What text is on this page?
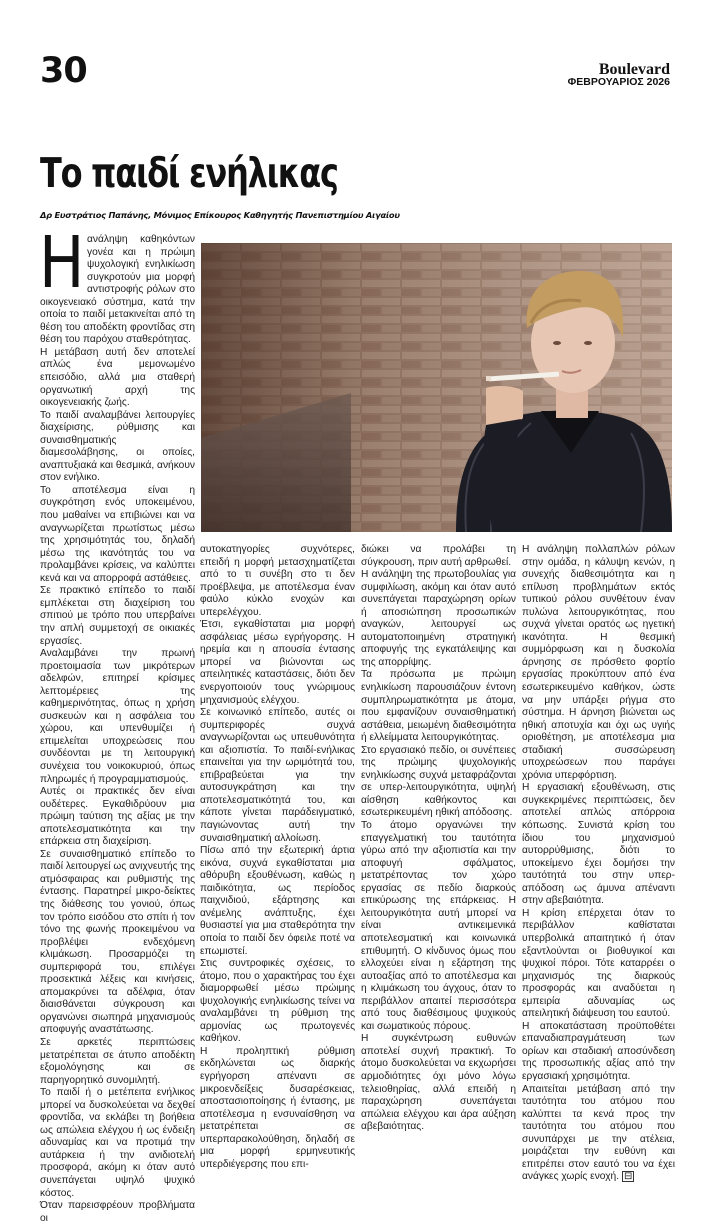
30	Boulevard
ΦΕΒΡΟΥΑΡΙΟΣ 2026
Το παιδί ενήλικας
Δρ Ευστράτιος Παπάνης, Μόνιμος Επίκουρος Καθηγητής Πανεπιστημίου Αιγαίου

Ηανάληψη καθηκόντων γονέα και η πρώιμη ψυχολογική ενηλικίωση συγκροτούν μια μορφή αντιστροφής ρόλων στο οικογενειακό σύστημα, κατά την οποία το παιδί μετακινείται από τη θέση του αποδέκτη φροντίδας στη θέση του παρόχου σταθερότητας.

Η μετάβαση αυτή δεν αποτελεί απλώς ένα μεμονωμένο επεισόδιο, αλλά μια σταθερή οργανωτική αρχή της οικογενειακής ζωής.

Το παιδί αναλαμβάνει λειτουργίες διαχείρισης, ρύθμισης και συναισθηματικής διαμεσολάβησης, οι οποίες, αναπτυξιακά και θεσμικά, ανήκουν στον ενήλικο.

Το αποτέλεσμα είναι η συγκρότηση ενός υποκειμένου, που μαθαίνει να επιβιώνει και να αναγνωρίζεται πρωτίστως μέσω της χρησιμότητάς του, δηλαδή μέσω της ικανότητάς του να προλαμβάνει κρίσεις, να καλύπτει κενά και να απορροφά αστάθειες.

Σε πρακτικό επίπεδο το παιδί εμπλέκεται στη διαχείριση του σπιτιού με τρόπο που υπερβαίνει την απλή συμμετοχή σε οικιακές εργασίες.

Αναλαμβάνει την πρωινή προετοιμασία των μικρότερων αδελφών, επιτηρεί κρίσιμες λεπτομέρειες της καθημερινότητας, όπως η χρήση συσκευών και η ασφάλεια του χώρου, και υπενθυμίζει ή επιμελείται υποχρεώσεις που συνδέονται με τη λειτουργική συνέχεια του νοικοκυριού, όπως πληρωμές ή προγραμματισμούς.

Αυτές οι πρακτικές δεν είναι ουδέτερες. Εγκαθιδρύουν μια πρώιμη ταύτιση της αξίας με την αποτελεσματικότητα και την επάρκεια στη διαχείριση.

Σε συναισθηματικό επίπεδο το παιδί λειτουργεί ως ανιχνευτής της ατμόσφαιρας και ρυθμιστής της έντασης. Παρατηρεί μικρο-δείκτες της διάθεσης του γονιού, όπως τον τρόπο εισόδου στο σπίτι ή τον τόνο της φωνής προκειμένου να προβλέψει ενδεχόμενη κλιμάκωση. Προσαρμόζει τη συμπεριφορά του, επιλέγει προσεκτικά λέξεις και κινήσεις, απομακρύνει τα αδέλφια, όταν διαισθάνεται σύγκρουση και οργανώνει σιωπηρά μηχανισμούς αποφυγής αναστάτωσης.

Σε αρκετές περιπτώσεις μετατρέπεται σε άτυπο αποδέκτη εξομολόγησης και σε παρηγορητικό συνομιλητή.

Το παιδί ή ο μετέπειτα ενήλικος μπορεί να δυσκολεύεται να δεχθεί φροντίδα, να εκλάβει τη βοήθεια ως απώλεια ελέγχου ή ως ένδειξη αδυναμίας και να προτιμά την αυτάρκεια ή την ανιδιοτελή προσφορά, ακόμη κι όταν αυτό συνεπάγεται υψηλό ψυχικό κόστος.

Όταν παρεισφρέουν προβλήματα οι

αυτοκατηγορίες συχνότερες, επειδή η μορφή μετασχηματίζεται από το τι συνέβη στο τι δεν προέβλεψα, με αποτέλεσμα έναν φαύλο κύκλο ενοχών και υπερελέγχου.

Έτσι, εγκαθίσταται μια μορφή ασφάλειας μέσω εγρήγορσης. Η ηρεμία και η απουσία έντασης μπορεί να βιώνονται ως απειλητικές καταστάσεις, διότι δεν ενεργοποιούν τους γνώριμους μηχανισμούς ελέγχου.

Σε κοινωνικό επίπεδο, αυτές οι συμπεριφορές συχνά αναγνωρίζονται ως υπευθυνότητα και αξιοπιστία. Το παιδί-ενήλικας επαινείται για την ωριμότητά του, επιβραβεύεται για την αυτοσυγκράτηση και την αποτελεσματικότητά του, και κάποτε γίνεται παράδειγματικό, παγιώνοντας αυτή την συναισθηματική αλλοίωση.

Πίσω από την εξωτερική άρτια εικόνα, συχνά εγκαθίσταται μια αθόρυβη εξουθένωση, καθώς η παιδικότητα, ως περίοδος παιχνιδιού, εξάρτησης και ανέμελης ανάπτυξης, έχει θυσιαστεί για μια σταθερότητα την οποία το παιδί δεν όφειλε ποτέ να επωμιστεί.

Στις συντροφικές σχέσεις, το άτομο, που ο χαρακτήρας του έχει διαμορφωθεί μέσω πρώιμης ψυχολογικής ενηλικίωσης τείνει να αναλαμβάνει τη ρύθμιση της αρμονίας ως πρωτογενές καθήκον.

Η προληπτική ρύθμιση εκδηλώνεται ως διαρκής εγρήγορση απέναντι σε μικροενδείξεις δυσαρέσκειας, αποστασιοποίησης ή έντασης, με αποτέλεσμα η ενσυναίσθηση να μετατρέπεται σε υπερπαρακολούθηση, δηλαδή σε μια μορφή ερμηνευτικής υπερδιέγερσης που επι-

διώκει να προλάβει τη σύγκρουση, πριν αυτή αρθρωθεί.

Η ανάληψη της πρωτοβουλίας για συμφιλίωση, ακόμη και όταν αυτό συνεπάγεται παραχώρηση ορίων ή αποσιώπηση προσωπικών αναγκών, λειτουργεί ως αυτοματοποιημένη στρατηγική αποφυγής της εγκατάλειψης και της απορρίψης.

Τα πρόσωπα με πρώιμη ενηλικίωση παρουσιάζουν έντονη συμπληρωματικότητα με άτομα, που εμφανίζουν συναισθηματική αστάθεια, μειωμένη διαθεσιμότητα ή ελλείμματα λειτουργικότητας.

Στο εργασιακό πεδίο, οι συνέπειες της πρώιμης ψυχολογικής ενηλικίωσης συχνά μεταφράζονται σε υπερ-λειτουργικότητα, υψηλή αίσθηση καθήκοντος και εσωτερικευμένη ηθική απόδοσης.

Το άτομο οργανώνει την επαγγελματική του ταυτότητα γύρω από την αξιοπιστία και την αποφυγή σφάλματος, μετατρέποντας τον χώρο εργασίας σε πεδίο διαρκούς επικύρωσης της επάρκειας. Η λειτουργικότητα αυτή μπορεί να είναι αντικειμενικά αποτελεσματική και κοινωνικά επιθυμητή. Ο κίνδυνος όμως που ελλοχεύει είναι η εξάρτηση της αυτοαξίας από το αποτέλεσμα και η κλιμάκωση του άγχους, όταν το περιβάλλον απαιτεί περισσότερα από τους διαθέσιμους ψυχικούς και σωματικούς πόρους.

Η συγκέντρωση ευθυνών αποτελεί συχνή πρακτική. Το άτομο δυσκολεύεται να εκχωρήσει αρμοδιότητες όχι μόνο λόγω τελειοθηρίας, αλλά επειδή η παραχώρηση συνεπάγεται απώλεια ελέγχου και άρα αύξηση αβεβαιότητας.

Η ανάληψη πολλαπλών ρόλων στην ομάδα, η κάλυψη κενών, η συνεχής διαθεσιμότητα και η επίλυση προβλημάτων εκτός τυπικού ρόλου συνθέτουν έναν πυλώνα λειτουργικότητας, που συχνά γίνεται ορατός ως ηγετική ικανότητα. Η θεσμική συμμόρφωση και η δυσκολία άρνησης σε πρόσθετο φορτίο εργασίας προκύπτουν από ένα εσωτερικευμένο καθήκον, ώστε να μην υπάρξει ρήγμα στο σύστημα. Η άρνηση βιώνεται ως ηθική αποτυχία και όχι ως υγιής οριοθέτηση, με αποτέλεσμα μια σταδιακή συσσώρευση υποχρεώσεων που παράγει χρόνια υπερφόρτιση.

Η εργασιακή εξουθένωση, στις συγκεκριμένες περιπτώσεις, δεν αποτελεί απλώς απόρροια κόπωσης. Συνιστά κρίση του ίδιου του μηχανισμού αυτορρύθμισης, διότι το υποκείμενο έχει δομήσει την ταυτότητά του στην υπερ-απόδοση ως άμυνα απέναντι στην αβεβαιότητα.

Η κρίση επέρχεται όταν το περιβάλλον καθίσταται υπερβολικά απαιτητικό ή όταν εξαντλούνται οι βιοθυγικοί και ψυχικοί πόροι. Τότε καταρρέει ο μηχανισμός της διαρκούς προσφοράς και αναδύεται η εμπειρία αδυναμίας ως απειλητική διάψευση του εαυτού.

Η αποκατάσταση προϋποθέτει επαναδιαπραγμάτευση των ορίων και σταδιακή αποσύνδεση της προσωπικής αξίας από την εργασιακή χρησιμότητα.

Απαιτείται μετάβαση από την ταυτότητα του ατόμου που καλύπτει τα κενά προς την ταυτότητα του ατόμου που συνυπάρχει με την ατέλεια, μοιράζεται την ευθύνη και επιτρέπει στον εαυτό του να έχει ανάγκες χωρίς ενοχή. ⊟
